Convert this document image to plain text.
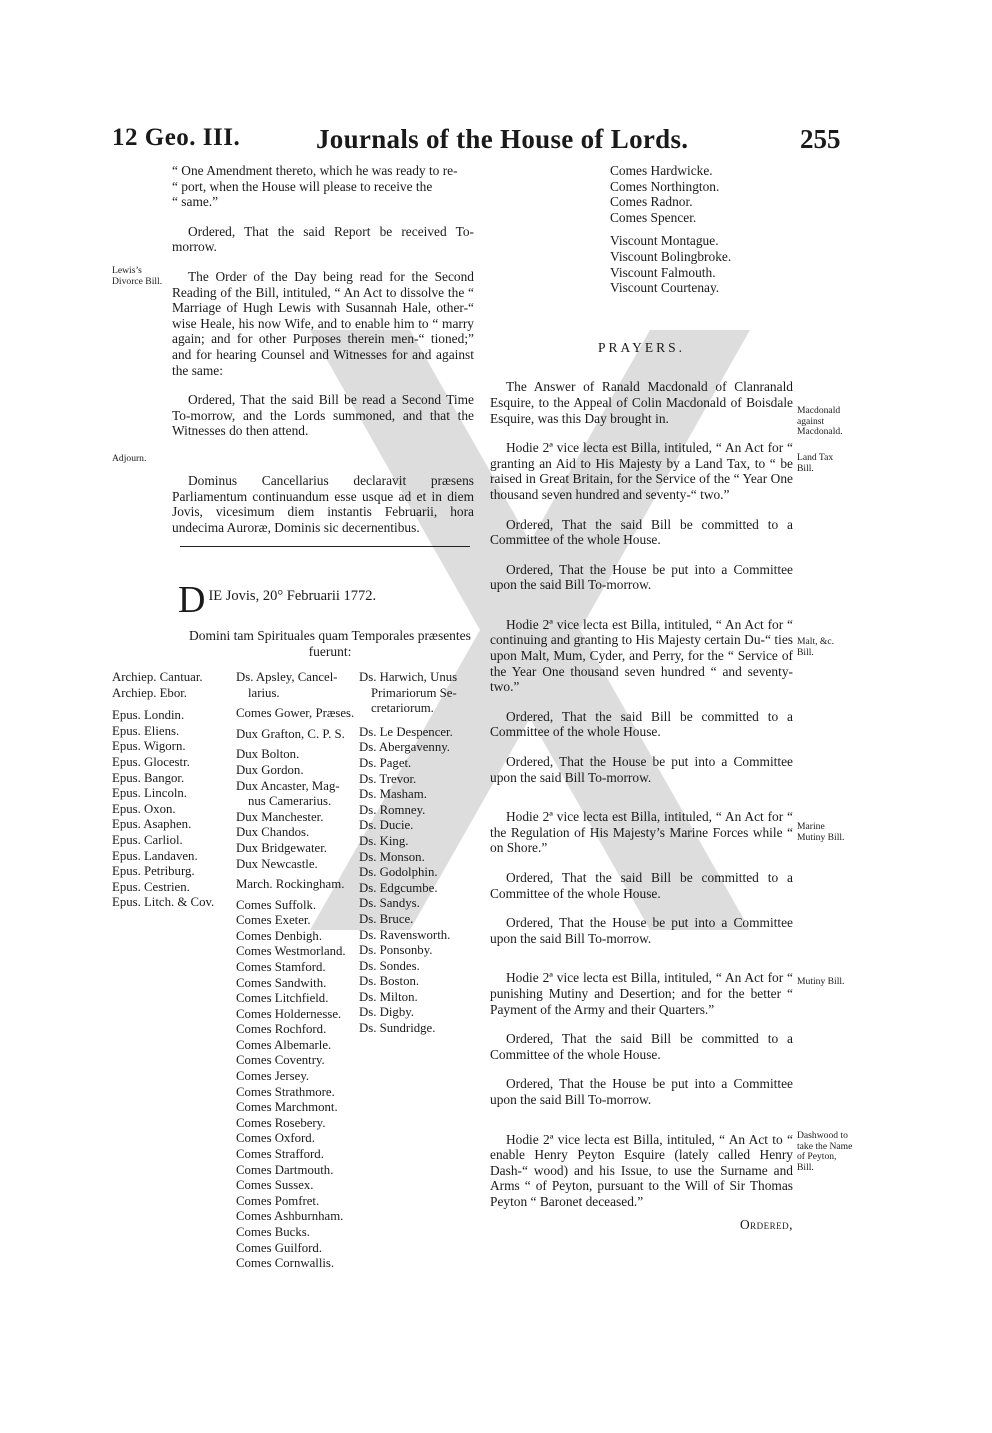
12 Geo. III.	Journals of the House of Lords.	255

“ One Amendment thereto, which he was ready to re-

“ port, when the House will please to receive the

“ same.”

Ordered, That the said Report be received To-morrow.

The Order of the Day being read for the Second Reading of the Bill, intituled, “ An Act to dissolve the “ Marriage of Hugh Lewis with Susannah Hale, other-“ wise Heale, his now Wife, and to enable him to “ marry again; and for other Purposes therein men-“ tioned;” and for hearing Counsel and Witnesses for and against the same:

Ordered, That the said Bill be read a Second Time To-morrow, and the Lords summoned, and that the Witnesses do then attend.

Dominus Cancellarius declaravit præsens Parliamentum continuandum esse usque ad et in diem Jovis, vicesimum diem instantis Februarii, hora undecima Auroræ, Dominis sic decernentibus.

Lewis’s Divorce Bill.
Adjourn.
D IE Jovis, 20° Februarii 1772.
Domini tam Spirituales quam Temporales præsentes fuerunt:
Archiep. Cantuar.
Archiep. Ebor.
Epus. Londin.
Epus. Eliens.
Epus. Wigorn.
Epus. Glocestr.
Epus. Bangor.
Epus. Lincoln.
Epus. Oxon.
Epus. Asaphen.
Epus. Carliol.
Epus. Landaven.
Epus. Petriburg.
Epus. Cestrien.
Epus. Litch. & Cov.
Ds. Apsley, Cancel-
larius.
Comes Gower, Præses.
Dux Grafton, C. P. S.
Dux Bolton.
Dux Gordon.
Dux Ancaster, Mag-
nus Camerarius.
Dux Manchester.
Dux Chandos.
Dux Bridgewater.
Dux Newcastle.

March. Rockingham.

Comes Suffolk.
Comes Exeter.
Comes Denbigh.
Comes Westmorland.
Comes Stamford.
Comes Sandwith.
Comes Litchfield.
Comes Holdernesse.
Comes Rochford.
Comes Albemarle.
Comes Coventry.
Comes Jersey.
Comes Strathmore.
Comes Marchmont.
Comes Rosebery.
Comes Oxford.
Comes Strafford.
Comes Dartmouth.
Comes Sussex.
Comes Pomfret.
Comes Ashburnham.
Comes Bucks.
Comes Guilford.
Comes Cornwallis.
Ds. Harwich, Unus
Primariorum Se-
cretariorum.
Ds. Le Despencer.
Ds. Abergavenny.
Ds. Paget.
Ds. Trevor.
Ds. Masham.
Ds. Romney.
Ds. Ducie.
Ds. King.
Ds. Monson.
Ds. Godolphin.
Ds. Edgcumbe.
Ds. Sandys.
Ds. Bruce.
Ds. Ravensworth.
Ds. Ponsonby.
Ds. Sondes.
Ds. Boston.
Ds. Milton.
Ds. Digby.
Ds. Sundridge.
Comes Hardwicke.
Comes Northington.
Comes Radnor.
Comes Spencer.
Viscount Montague.
Viscount Bolingbroke.
Viscount Falmouth.
Viscount Courtenay.

PRAYERS.

The Answer of Ranald Macdonald of Clanranald Esquire, to the Appeal of Colin Macdonald of Boisdale Esquire, was this Day brought in.

Hodie 2ª vice lecta est Billa, intituled, “ An Act for “ granting an Aid to His Majesty by a Land Tax, to “ be raised in Great Britain, for the Service of the “ Year One thousand seven hundred and seventy-“ two.”

Ordered, That the said Bill be committed to a Committee of the whole House.

Ordered, That the House be put into a Committee upon the said Bill To-morrow.

Hodie 2ª vice lecta est Billa, intituled, “ An Act for “ continuing and granting to His Majesty certain Du-“ ties upon Malt, Mum, Cyder, and Perry, for the “ Service of the Year One thousand seven hundred “ and seventy-two.”

Ordered, That the said Bill be committed to a Committee of the whole House.

Ordered, That the House be put into a Committee upon the said Bill To-morrow.

Hodie 2ª vice lecta est Billa, intituled, “ An Act for “ the Regulation of His Majesty’s Marine Forces while “ on Shore.”

Ordered, That the said Bill be committed to a Committee of the whole House.

Ordered, That the House be put into a Committee upon the said Bill To-morrow.

Hodie 2ª vice lecta est Billa, intituled, “ An Act for “ punishing Mutiny and Desertion; and for the better “ Payment of the Army and their Quarters.”

Ordered, That the said Bill be committed to a Committee of the whole House.

Ordered, That the House be put into a Committee upon the said Bill To-morrow.

Hodie 2ª vice lecta est Billa, intituled, “ An Act to “ enable Henry Peyton Esquire (lately called Henry Dash-“ wood) and his Issue, to use the Surname and Arms “ of Peyton, pursuant to the Will of Sir Thomas Peyton “ Baronet deceased.”

Macdonald against Macdonald.
Land Tax Bill.
Malt, &c. Bill.
Marine Mutiny Bill.
Mutiny Bill.
Dashwood to take the Name of Peyton, Bill.
Ordered,
